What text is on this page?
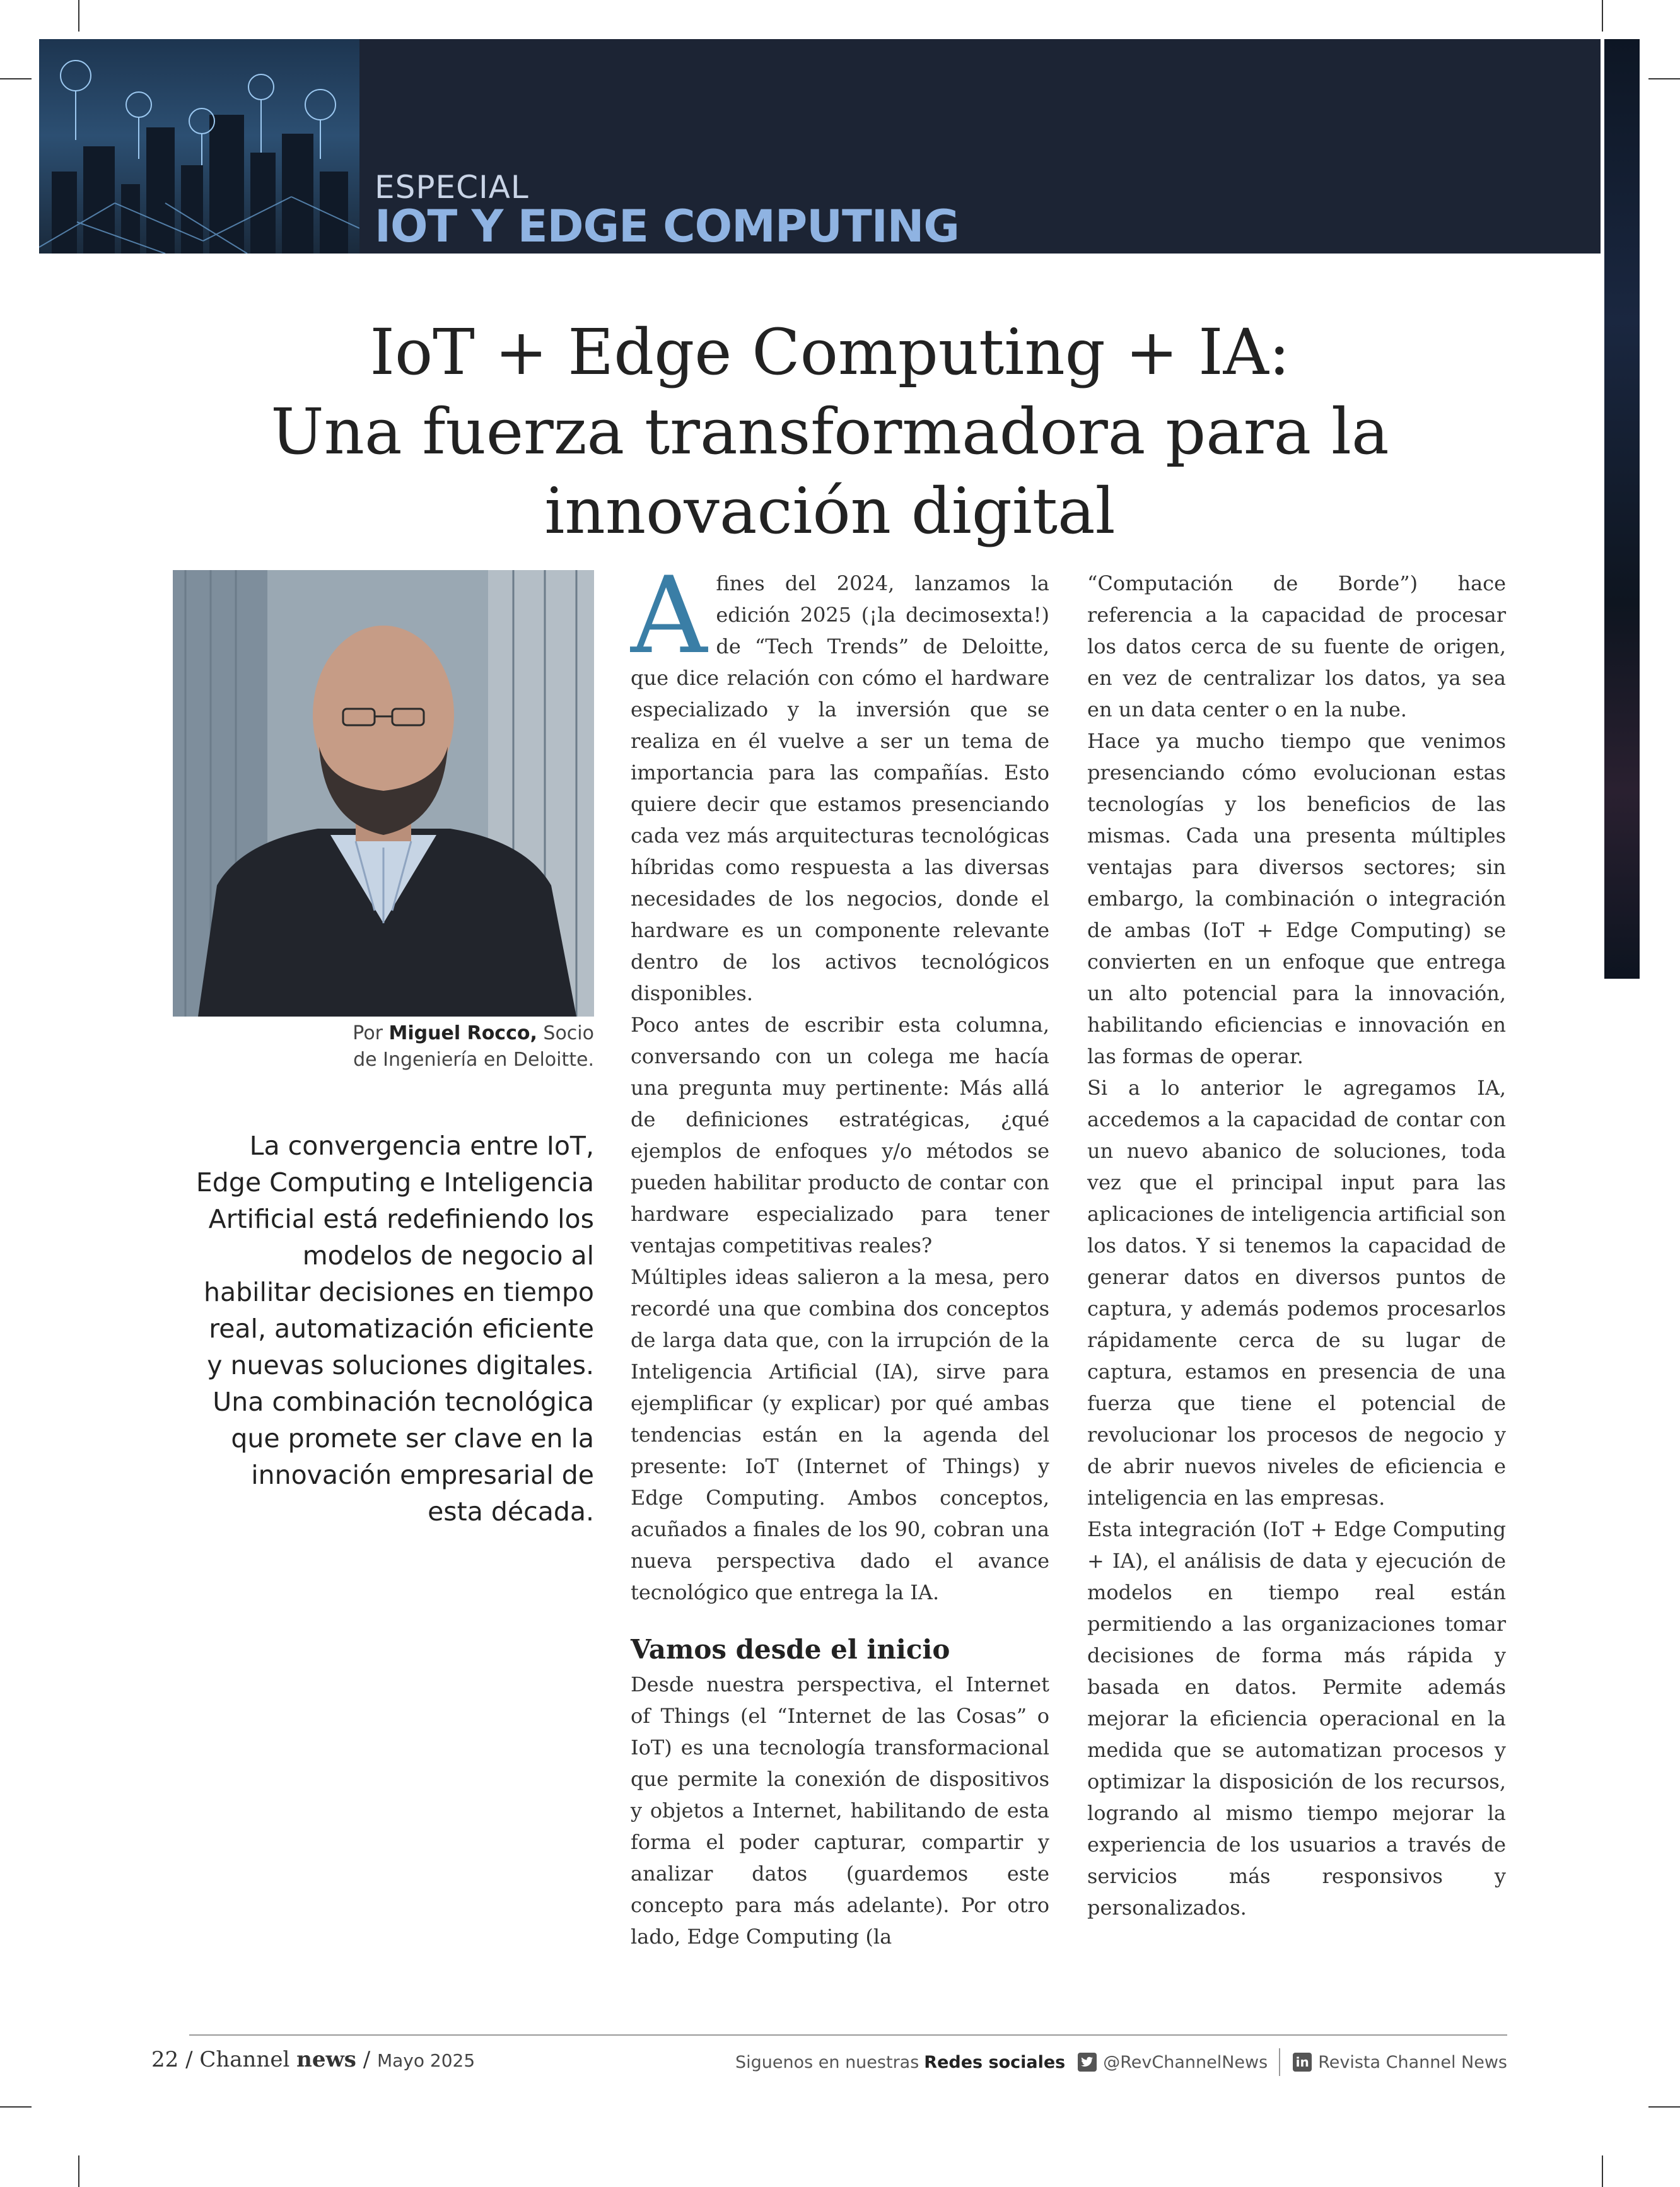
ESPECIAL
IOT Y EDGE COMPUTING
IoT + Edge Computing + IA:
Una fuerza transformadora para la
innovación digital
Por Miguel Rocco, Socio
de Ingeniería en Deloitte.
La convergencia entre IoT, Edge Computing e Inteligencia Artificial está redefiniendo los modelos de negocio al habilitar decisiones en tiempo real, automatización eficiente y nuevas soluciones digitales. Una combinación tecnológica que promete ser clave en la innovación empresarial de esta década.

Afines del 2024, lanzamos la edición 2025 (¡la decimosexta!) de “Tech Trends” de Deloitte, que dice relación con cómo el hardware especializado y la inversión que se realiza en él vuelve a ser un tema de importancia para las compañías. Esto quiere decir que estamos presenciando cada vez más arquitecturas tecnológicas híbridas como respuesta a las diversas necesidades de los negocios, donde el hardware es un componente relevante dentro de los activos tecnológicos disponibles.

Poco antes de escribir esta columna, conversando con un colega me hacía una pregunta muy pertinente: Más allá de definiciones estratégicas, ¿qué ejemplos de enfoques y/o métodos se pueden habilitar producto de contar con hardware especializado para tener ventajas competitivas reales?

Múltiples ideas salieron a la mesa, pero recordé una que combina dos conceptos de larga data que, con la irrupción de la Inteligencia Artificial (IA), sirve para ejemplificar (y explicar) por qué ambas tendencias están en la agenda del presente: IoT (Internet of Things) y Edge Computing. Ambos conceptos, acuñados a finales de los 90, cobran una nueva perspectiva dado el avance tecnológico que entrega la IA.

Vamos desde el inicio

Desde nuestra perspectiva, el Internet of Things (el “Internet de las Cosas” o IoT) es una tecnología transformacional que permite la conexión de dispositivos y objetos a Internet, habilitando de esta forma el poder capturar, compartir y analizar datos (guardemos este concepto para más adelante). Por otro lado, Edge Computing (la

“Computación de Borde”) hace referencia a la capacidad de procesar los datos cerca de su fuente de origen, en vez de centralizar los datos, ya sea en un data center o en la nube.

Hace ya mucho tiempo que venimos presenciando cómo evolucionan estas tecnologías y los beneficios de las mismas. Cada una presenta múltiples ventajas para diversos sectores; sin embargo, la combinación o integración de ambas (IoT + Edge Computing) se convierten en un enfoque que entrega un alto potencial para la innovación, habilitando eficiencias e innovación en las formas de operar.

Si a lo anterior le agregamos IA, accedemos a la capacidad de contar con un nuevo abanico de soluciones, toda vez que el principal input para las aplicaciones de inteligencia artificial son los datos. Y si tenemos la capacidad de generar datos en diversos puntos de captura, y además podemos procesarlos rápidamente cerca de su lugar de captura, estamos en presencia de una fuerza que tiene el potencial de revolucionar los procesos de negocio y de abrir nuevos niveles de eficiencia e inteligencia en las empresas.

Esta integración (IoT + Edge Computing + IA), el análisis de data y ejecución de modelos en tiempo real están permitiendo a las organizaciones tomar decisiones de forma más rápida y basada en datos. Permite además mejorar la eficiencia operacional en la medida que se automatizan procesos y optimizar la disposición de los recursos, logrando al mismo tiempo mejorar la experiencia de los usuarios a través de servicios más responsivos y personalizados.

22 / Channel news / Mayo 2025	Siguenos en nuestras Redes sociales @RevChannelNews in Revista Channel News
